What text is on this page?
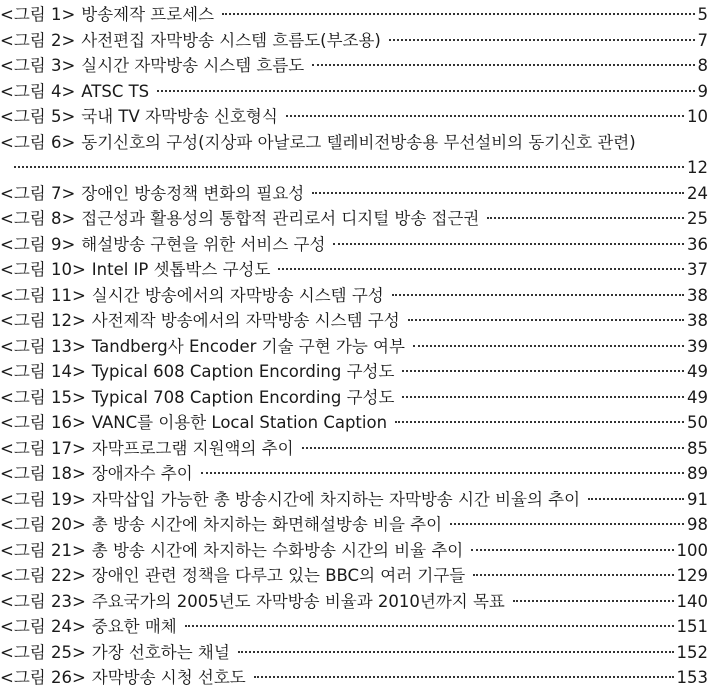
<그림 1> 방송제작 프로세스	5
<그림 2> 사전편집 자막방송 시스템 흐름도(부조용)	7
<그림 3> 실시간 자막방송 시스템 흐름도	8
<그림 4> ATSC TS	9
<그림 5> 국내 TV 자막방송 신호형식	10
<그림 6> 동기신호의 구성(지상파 아날로그 텔레비전방송용 무선설비의 동기신호 관련)
12
<그림 7> 장애인 방송정책 변화의 필요성	24
<그림 8> 접근성과 활용성의 통합적 관리로서 디지털 방송 접근권	25
<그림 9> 해설방송 구현을 위한 서비스 구성	36
<그림 10> Intel IP 셋톱박스 구성도	37
<그림 11> 실시간 방송에서의 자막방송 시스템 구성	38
<그림 12> 사전제작 방송에서의 자막방송 시스템 구성	38
<그림 13> Tandberg사 Encoder 기술 구현 가능 여부	39
<그림 14> Typical 608 Caption Encording 구성도	49
<그림 15> Typical 708 Caption Encording 구성도	49
<그림 16> VANC를 이용한 Local Station Caption	50
<그림 17> 자막프로그램 지원액의 추이	85
<그림 18> 장애자수 추이	89
<그림 19> 자막삽입 가능한 총 방송시간에 차지하는 자막방송 시간 비율의 추이	91
<그림 20> 총 방송 시간에 차지하는 화면해설방송 비을 추이	98
<그림 21> 총 방송 시간에 차지하는 수화방송 시간의 비율 추이	100
<그림 22> 장애인 관련 정책을 다루고 있는 BBC의 여러 기구들	129
<그림 23> 주요국가의 2005년도 자막방송 비율과 2010년까지 목표	140
<그림 24> 중요한 매체	151
<그림 25> 가장 선호하는 채널	152
<그림 26> 자막방송 시청 선호도	153
